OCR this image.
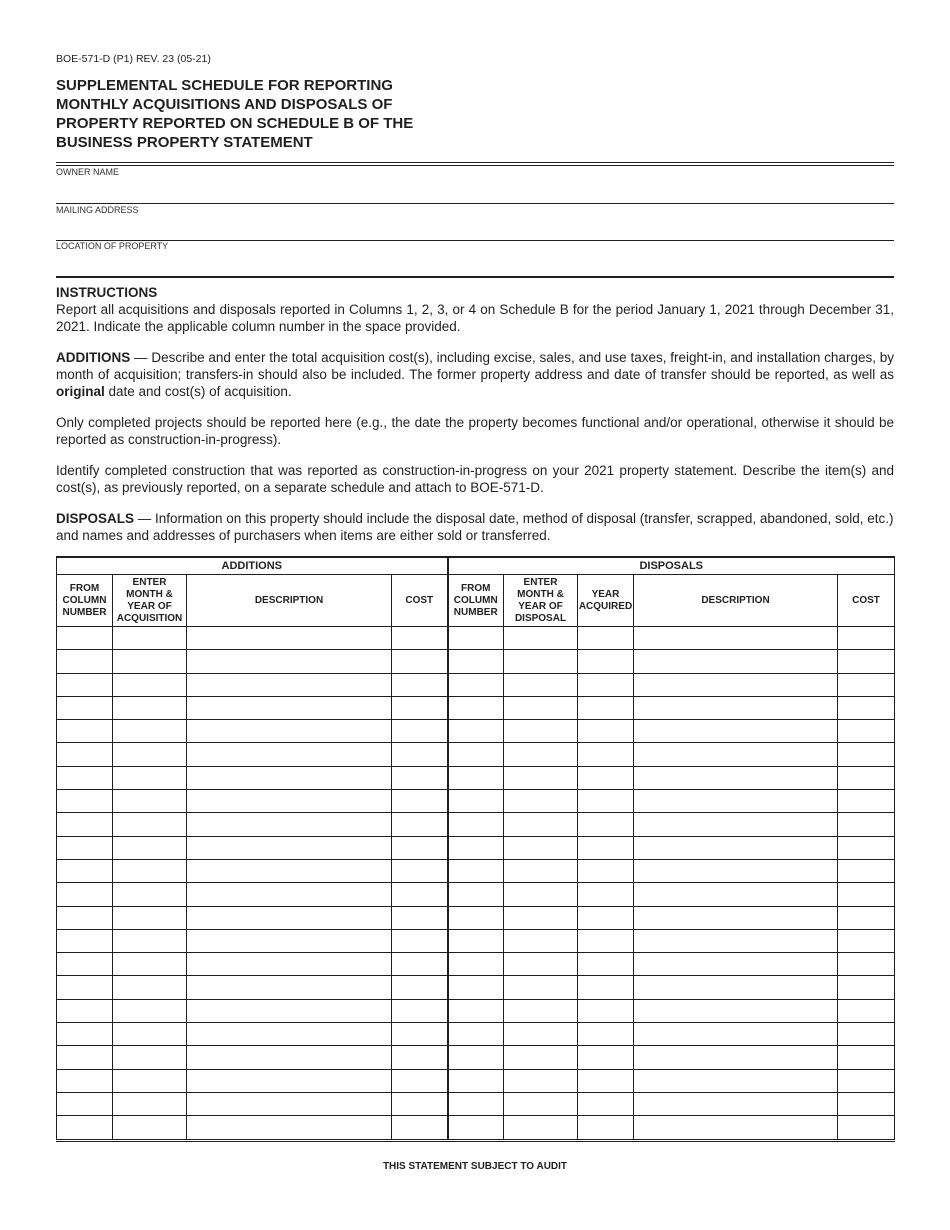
BOE-571-D (P1) REV. 23 (05-21)
SUPPLEMENTAL SCHEDULE FOR REPORTING
MONTHLY ACQUISITIONS AND DISPOSALS OF
PROPERTY REPORTED ON SCHEDULE B OF THE
BUSINESS PROPERTY STATEMENT
OWNER NAME
MAILING ADDRESS
LOCATION OF PROPERTY
INSTRUCTIONS

Report all acquisitions and disposals reported in Columns 1, 2, 3, or 4 on Schedule B for the period January 1, 2021 through December 31, 2021. Indicate the applicable column number in the space provided.

ADDITIONS — Describe and enter the total acquisition cost(s), including excise, sales, and use taxes, freight-in, and installation charges, by month of acquisition; transfers-in should also be included. The former property address and date of transfer should be reported, as well as original date and cost(s) of acquisition.

Only completed projects should be reported here (e.g., the date the property becomes functional and/or operational, otherwise it should be reported as construction-in-progress).

Identify completed construction that was reported as construction-in-progress on your 2021 property statement. Describe the item(s) and cost(s), as previously reported, on a separate schedule and attach to BOE-571-D.

DISPOSALS — Information on this property should include the disposal date, method of disposal (transfer, scrapped, abandoned, sold, etc.) and names and addresses of purchasers when items are either sold or transferred.

ADDITIONS				DISPOSALS				
FROM COLUMN NUMBER	ENTER MONTH & YEAR OF ACQUISITION	DESCRIPTION	COST	FROM COLUMN NUMBER	ENTER MONTH & YEAR OF DISPOSAL	YEAR ACQUIRED	DESCRIPTION	COST

THIS STATEMENT SUBJECT TO AUDIT
